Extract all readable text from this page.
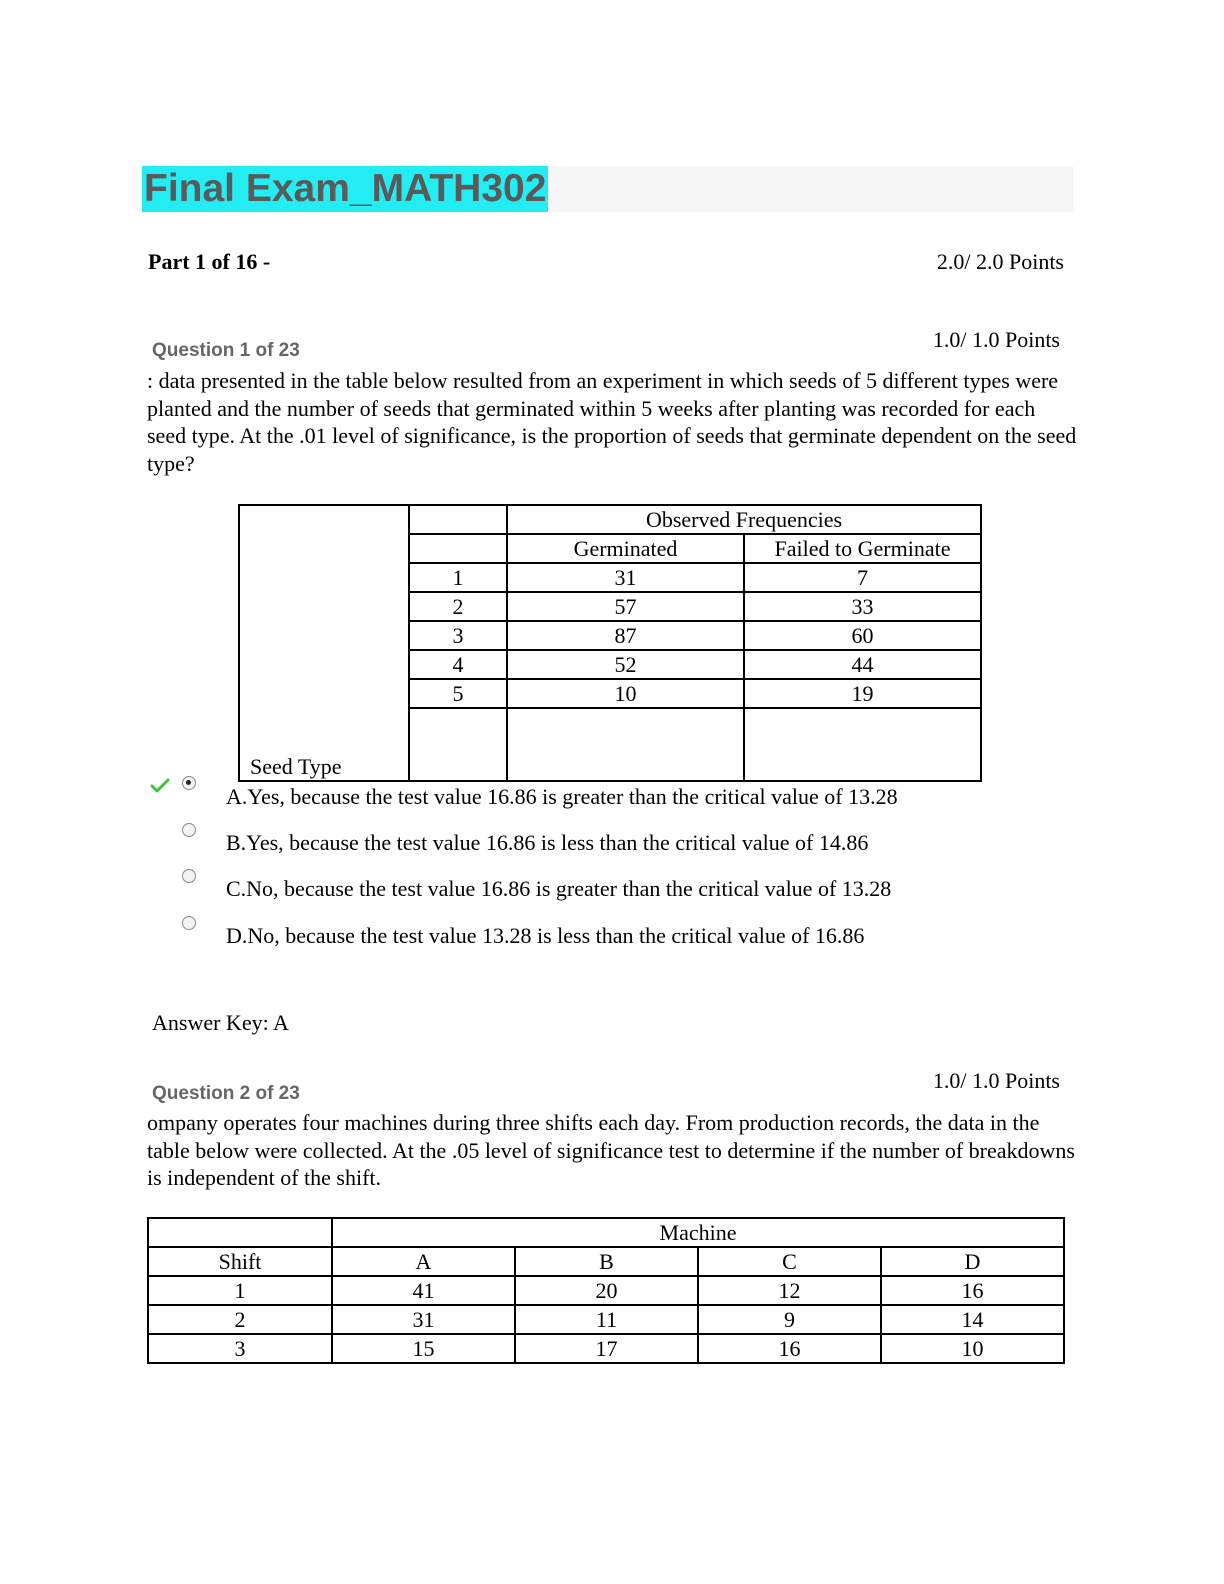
Final Exam_MATH302
Part 1 of 16 -	2.0/ 2.0 Points
Question 1 of 23	1.0/ 1.0 Points
: data presented in the table below resulted from an experiment in which seeds of 5 different types were planted and the number of seeds that germinated within 5 weeks after planting was recorded for each seed type. At the .01 level of significance, is the proportion of seeds that germinate dependent on the seed type?
Seed Type		Observed Frequencies	
		Germinated	Failed to Germinate
	1	31	7
	2	57	33
	3	87	60
	4	52	44
	5	10	19

A.Yes, because the test value 16.86 is greater than the critical value of 13.28
B.Yes, because the test value 16.86 is less than the critical value of 14.86
C.No, because the test value 16.86 is greater than the critical value of 13.28
D.No, because the test value 13.28 is less than the critical value of 16.86
Answer Key: A
Question 2 of 23
1.0/ 1.0 Points
ompany operates four machines during three shifts each day. From production records, the data in the table below were collected. At the .05 level of significance test to determine if the number of breakdowns is independent of the shift.
	Machine			
Shift	A	B	C	D
1	41	20	12	16
2	31	11	9	14
3	15	17	16	10
